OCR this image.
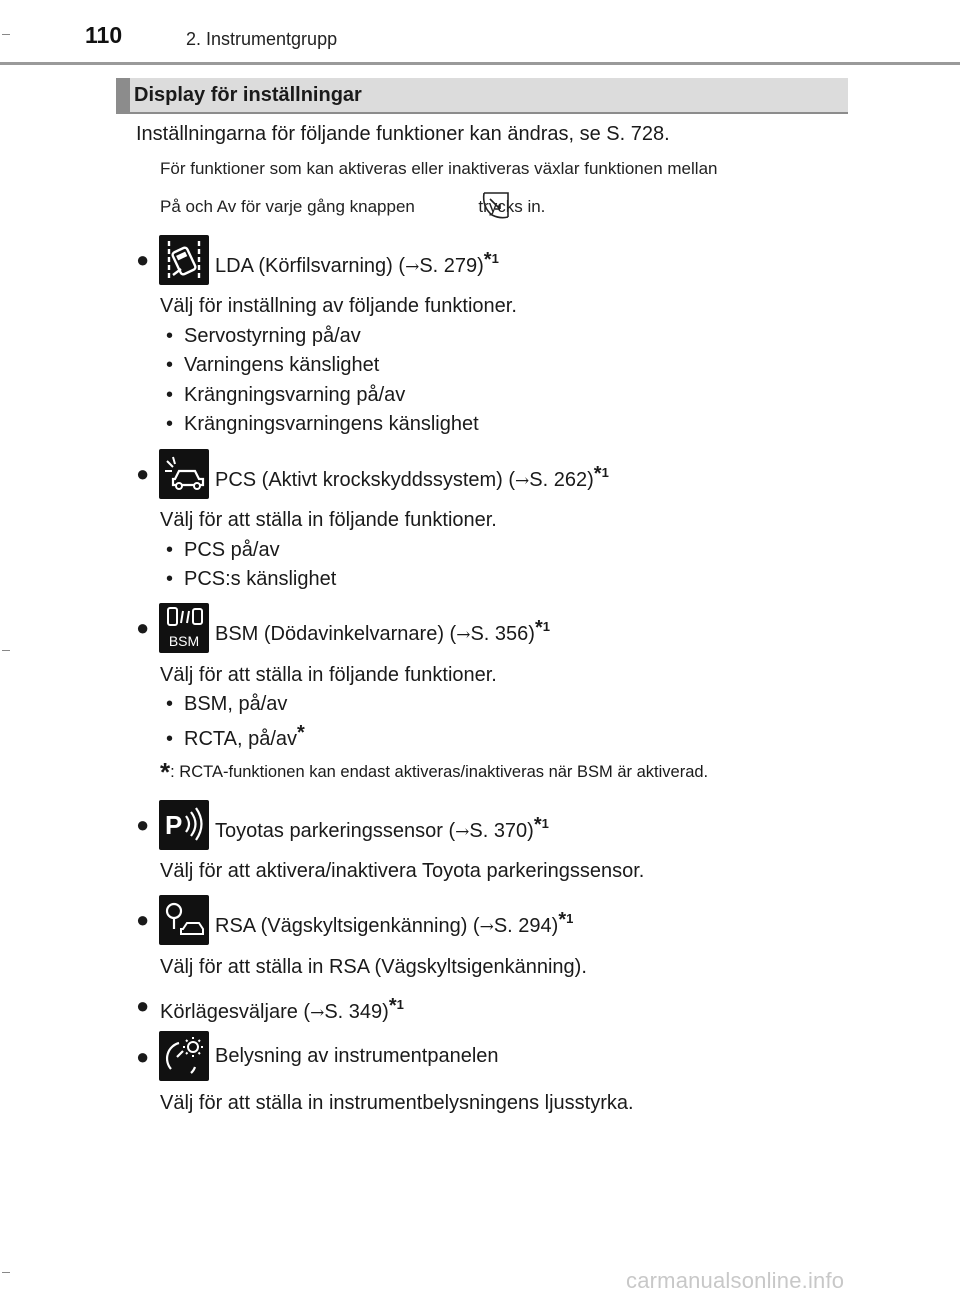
110	2. Instrumentgrupp
Display för inställningar
Inställningarna för följande funktioner kan ändras, se S. 728.
För funktioner som kan aktiveras eller inaktiveras växlar funktionen mellan
På och Av för varje gång knappen	trycks in.
●	LDA (Körfilsvarning) (→S. 279)$^{*1}$
Välj för inställning av följande funktioner.
• Servostyrning på/av
• Varningens känslighet
• Krängningsvarning på/av
• Krängningsvarningens känslighet
●	PCS (Aktivt krockskyddssystem) (→S. 262)$^{*1}$
Välj för att ställa in följande funktioner.
• PCS på/av
• PCS:s känslighet
●
BSM BSM (Dödavinkelvarnare) (→S. 356)$^{*1}$
Välj för att ställa in följande funktioner.
• BSM, på/av
• RCTA, på/av*
*: RCTA-funktionen kan endast aktiveras/inaktiveras när BSM är aktiverad.
● P Toyotas parkeringssensor (→S. 370)$^{*1}$
Välj för att aktivera/inaktivera Toyota parkeringssensor.
●	RSA (Vägskyltsigenkänning) (→S. 294)$^{*1}$
Välj för att ställa in RSA (Vägskyltsigenkänning).
● Körlägesväljare (→S. 349)$^{*1}$
●	Belysning av instrumentpanelen
Välj för att ställa in instrumentbelysningens ljusstyrka.
carmanualsonline.info
